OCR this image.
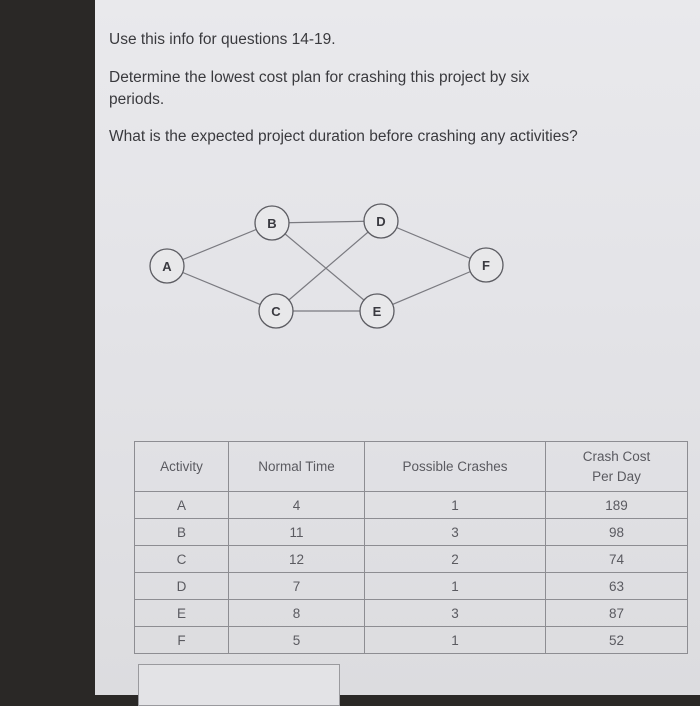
Use this info for questions 14-19.
Determine the lowest cost plan for crashing this project by six periods.
What is the expected project duration before crashing any activities?
A
B
C
D
E
F
Activity	Normal Time	Possible Crashes	Crash Cost Per Day
A	4	1	189
B	11	3	98
C	12	2	74
D	7	1	63
E	8	3	87
F	5	1	52
